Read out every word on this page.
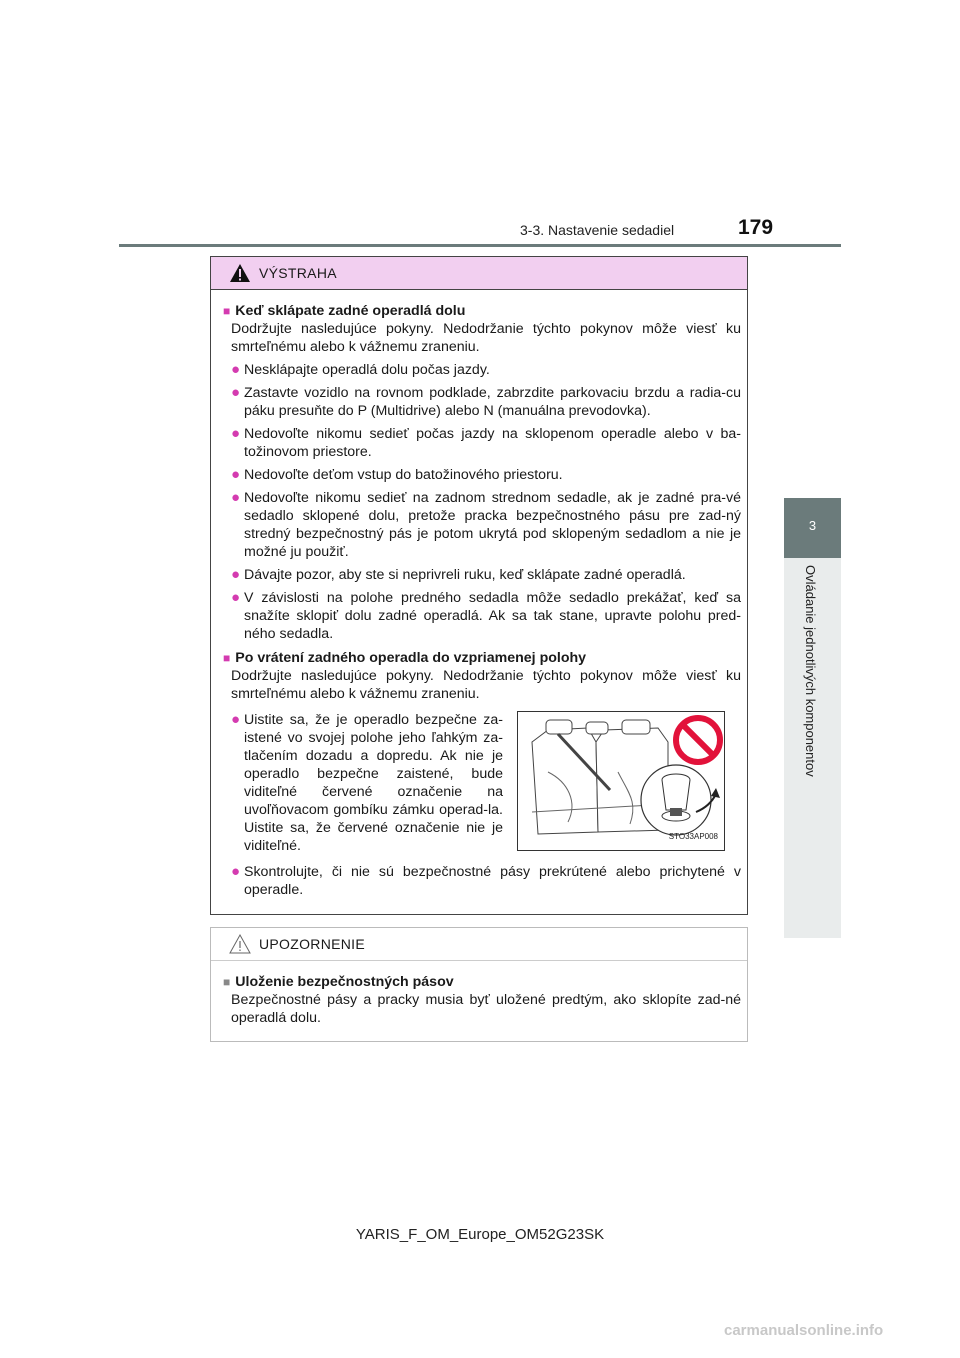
3-3. Nastavenie sedadiel	179
3
Ovládanie jednotlivých komponentov
VÝSTRAHA
■ Keď sklápate zadné operadlá dolu
Dodržujte nasledujúce pokyny. Nedodržanie týchto pokynov môže viesť ku smrteľnému alebo k vážnemu zraneniu.
● Nesklápajte operadlá dolu počas jazdy.
● Zastavte vozidlo na rovnom podklade, zabrzdite parkovaciu brzdu a radia-cu páku presuňte do P (Multidrive) alebo N (manuálna prevodovka).
● Nedovoľte nikomu sedieť počas jazdy na sklopenom operadle alebo v ba-tožinovom priestore.
● Nedovoľte deťom vstup do batožinového priestoru.
● Nedovoľte nikomu sedieť na zadnom strednom sedadle, ak je zadné pra-vé sedadlo sklopené dolu, pretože pracka bezpečnostného pásu pre zad-ný stredný bezpečnostný pás je potom ukrytá pod sklopeným sedadlom a nie je možné ju použiť.
● Dávajte pozor, aby ste si neprivreli ruku, keď sklápate zadné operadlá.
● V závislosti na polohe predného sedadla môže sedadlo prekážať, keď sa snažíte sklopiť dolu zadné operadlá. Ak sa tak stane, upravte polohu pred-ného sedadla.
■ Po vrátení zadného operadla do vzpriamenej polohy
Dodržujte nasledujúce pokyny. Nedodržanie týchto pokynov môže viesť ku smrteľnému alebo k vážnemu zraneniu.
● Uistite sa, že je operadlo bezpečne za-istené vo svojej polohe jeho ľahkým za-tlačením dozadu a dopredu. Ak nie je operadlo bezpečne zaistené, bude viditeľné červené označenie na uvoľňovacom gombíku zámku operad-la. Uistite sa, že červené označenie nie je viditeľné.
STO33AP008
● Skontrolujte, či nie sú bezpečnostné pásy prekrútené alebo prichytené v operadle.
UPOZORNENIE
■ Uloženie bezpečnostných pásov
Bezpečnostné pásy a pracky musia byť uložené predtým, ako sklopíte zad-né operadlá dolu.
YARIS_F_OM_Europe_OM52G23SK
carmanualsonline.info
